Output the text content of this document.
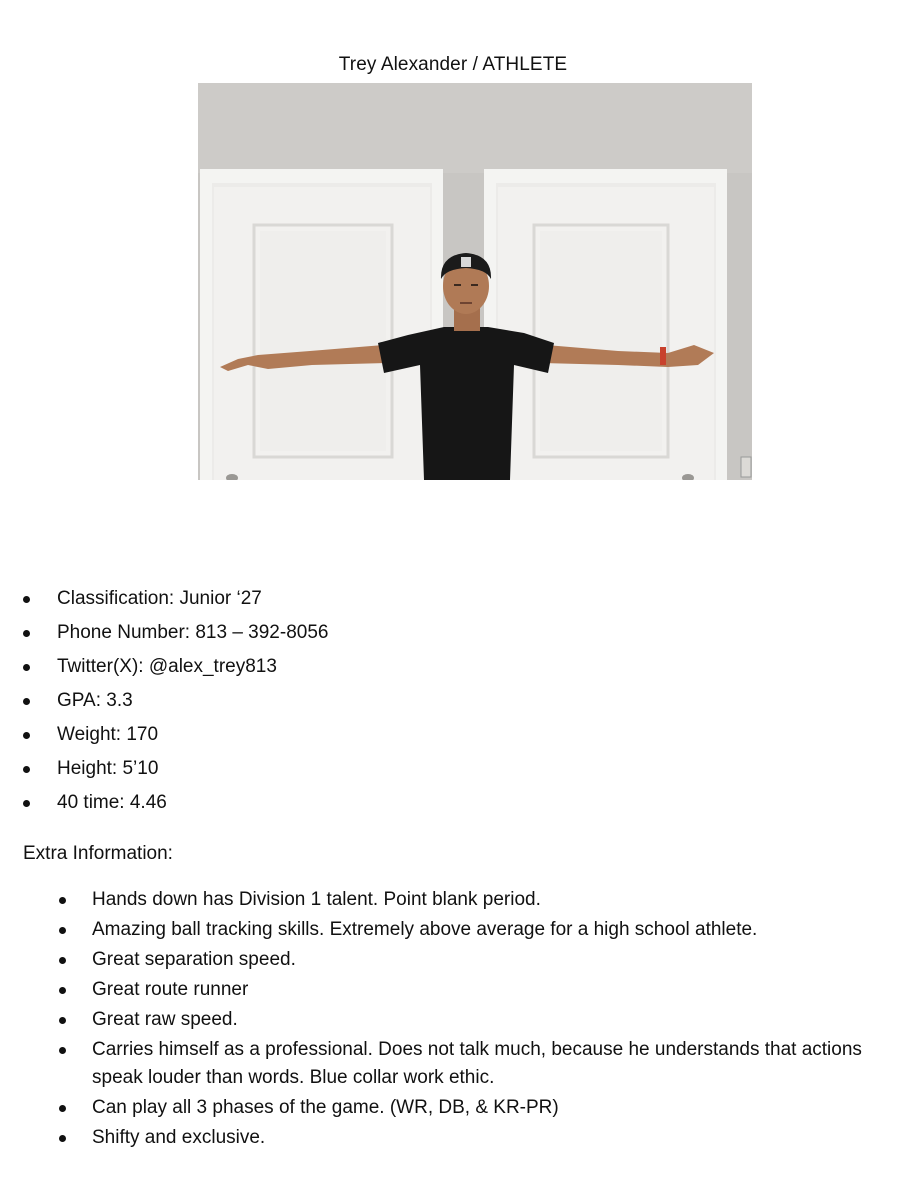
Trey Alexander / ATHLETE
Classification: Junior ‘27
Phone Number: 813 – 392-8056
Twitter(X): @alex_trey813
GPA: 3.3
Weight: 170
Height: 5’10
40 time: 4.46
Extra Information:
Hands down has Division 1 talent. Point blank period.
Amazing ball tracking skills. Extremely above average for a high school athlete.
Great separation speed.
Great route runner
Great raw speed.
Carries himself as a professional. Does not talk much, because he understands that actions speak louder than words. Blue collar work ethic.
Can play all 3 phases of the game. (WR, DB, & KR-PR)
Shifty and exclusive.
